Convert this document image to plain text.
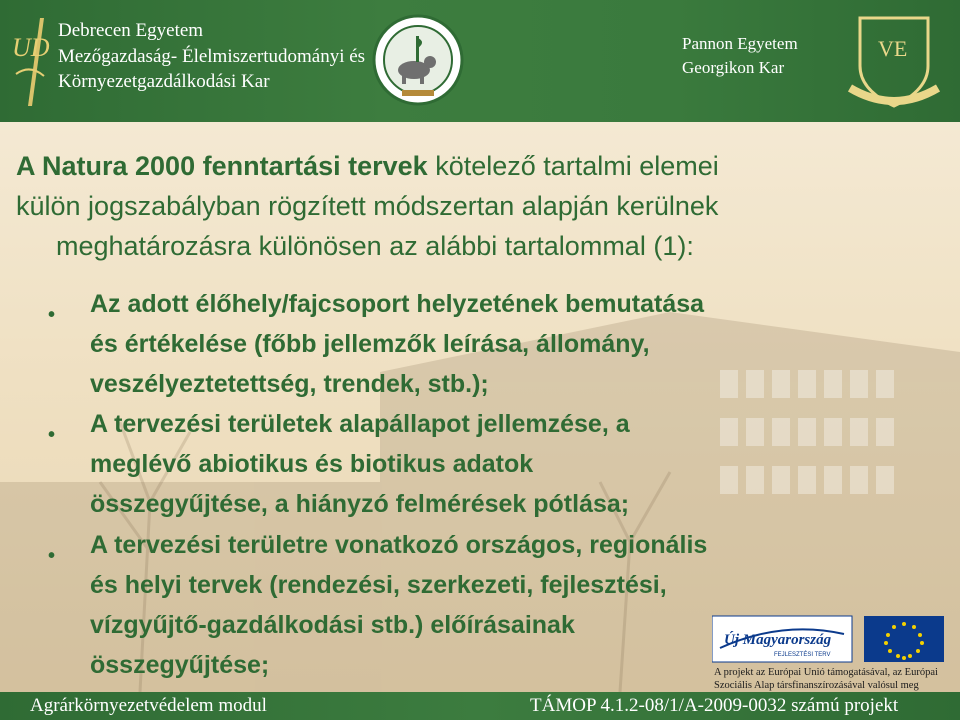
UD
Debrecen Egyetem
Mezőgazdaság- Élelmiszertudományi és
Környezetgazdálkodási Kar
Pannon Egyetem
Georgikon Kar
VE
A Natura 2000 fenntartási tervek kötelező tartalmi elemei
külön jogszabályban rögzített módszertan alapján kerülnek

meghatározásra különösen az alábbi tartalommal (1):
•	Az adott élőhely/fajcsoport helyzetének bemutatása
és értékelése (főbb jellemzők leírása, állomány,
veszélyeztetettség, trendek, stb.);
•	A tervezési területek alapállapot jellemzése, a
meglévő abiotikus és biotikus adatok
összegyűjtése, a hiányzó felmérések pótlása;
•	A tervezési területre vonatkozó országos, regionális
és helyi tervek (rendezési, szerkezeti, fejlesztési,
vízgyűjtő-gazdálkodási stb.) előírásainak
összegyűjtése;
Új Magyarország
FEJLESZTÉSI TERV
A projekt az Európai Unió támogatásával, az Európai
Szociális Alap társfinanszírozásával valósul meg
Agrárkörnyezetvédelem modul	TÁMOP 4.1.2-08/1/A-2009-0032 számú projekt
